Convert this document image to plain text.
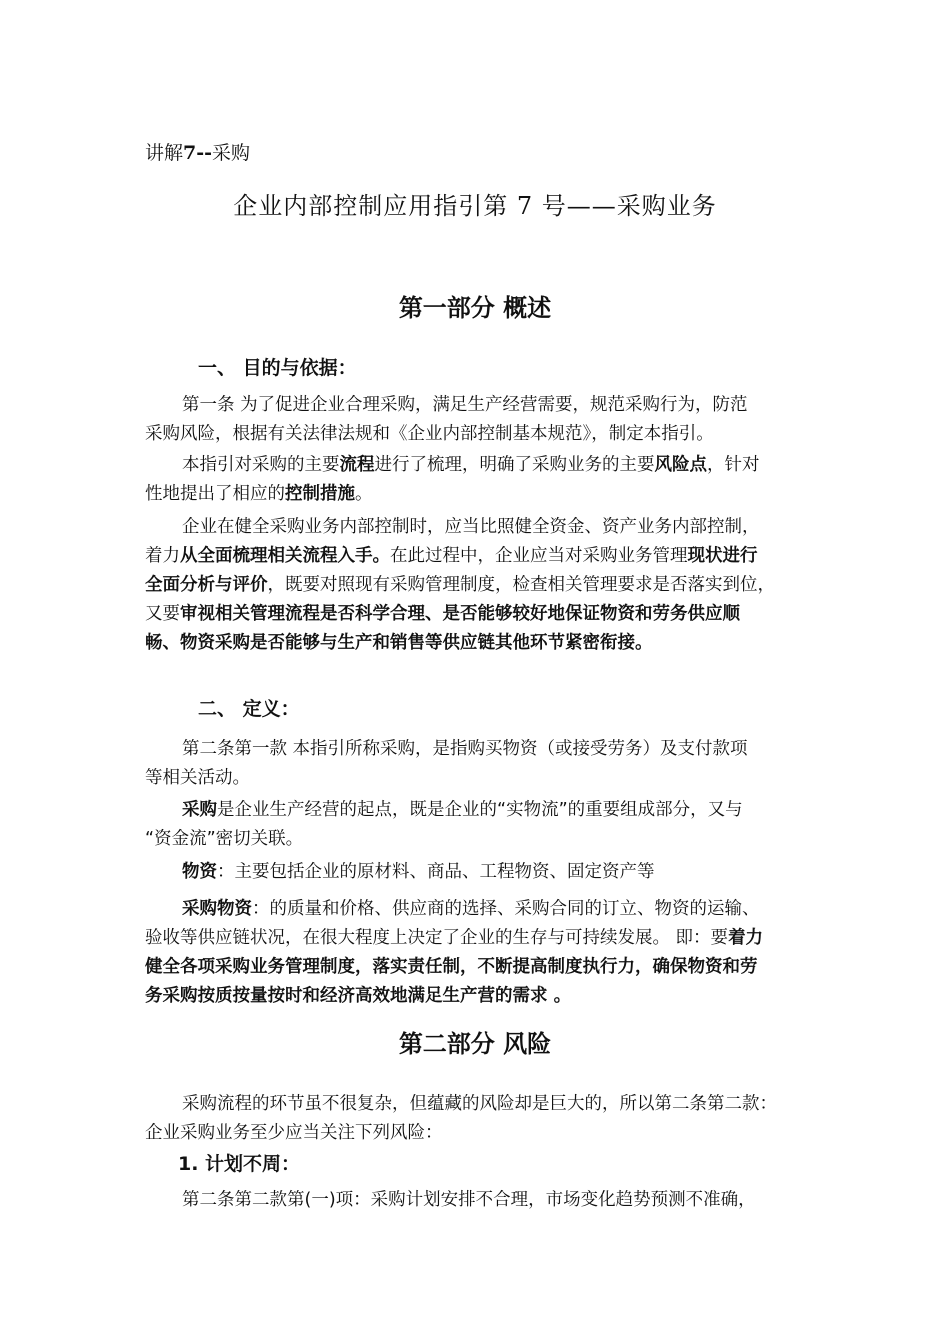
讲解7--采购
企业内部控制应用指引第 7 号——采购业务
第一部分 概述
一、 目的与依据：
第一条 为了促进企业合理采购，满足生产经营需要，规范采购行为，防范
采购风险，根据有关法律法规和《企业内部控制基本规范》，制定本指引。
本指引对采购的主要流程进行了梳理，明确了采购业务的主要风险点，针对
性地提出了相应的控制措施。
企业在健全采购业务内部控制时，应当比照健全资金、资产业务内部控制，
着力从全面梳理相关流程入手。在此过程中，企业应当对采购业务管理现状进行
全面分析与评价，既要对照现有采购管理制度，检查相关管理要求是否落实到位，
又要审视相关管理流程是否科学合理、是否能够较好地保证物资和劳务供应顺
畅、物资采购是否能够与生产和销售等供应链其他环节紧密衔接。
二、 定义：
第二条第一款 本指引所称采购，是指购买物资（或接受劳务）及支付款项
等相关活动。
采购是企业生产经营的起点，既是企业的“实物流”的重要组成部分，又与
“资金流”密切关联。
物资：主要包括企业的原材料、商品、工程物资、固定资产等
采购物资：的质量和价格、供应商的选择、采购合同的订立、物资的运输、
验收等供应链状况，在很大程度上决定了企业的生存与可持续发展。 即：要着力
健全各项采购业务管理制度，落实责任制，不断提高制度执行力，确保物资和劳
务采购按质按量按时和经济高效地满足生产营的需求 。
第二部分 风险
采购流程的环节虽不很复杂，但蕴藏的风险却是巨大的，所以第二条第二款：
企业采购业务至少应当关注下列风险：
1. 计划不周：
第二条第二款第(一)项：采购计划安排不合理，市场变化趋势预测不准确，
